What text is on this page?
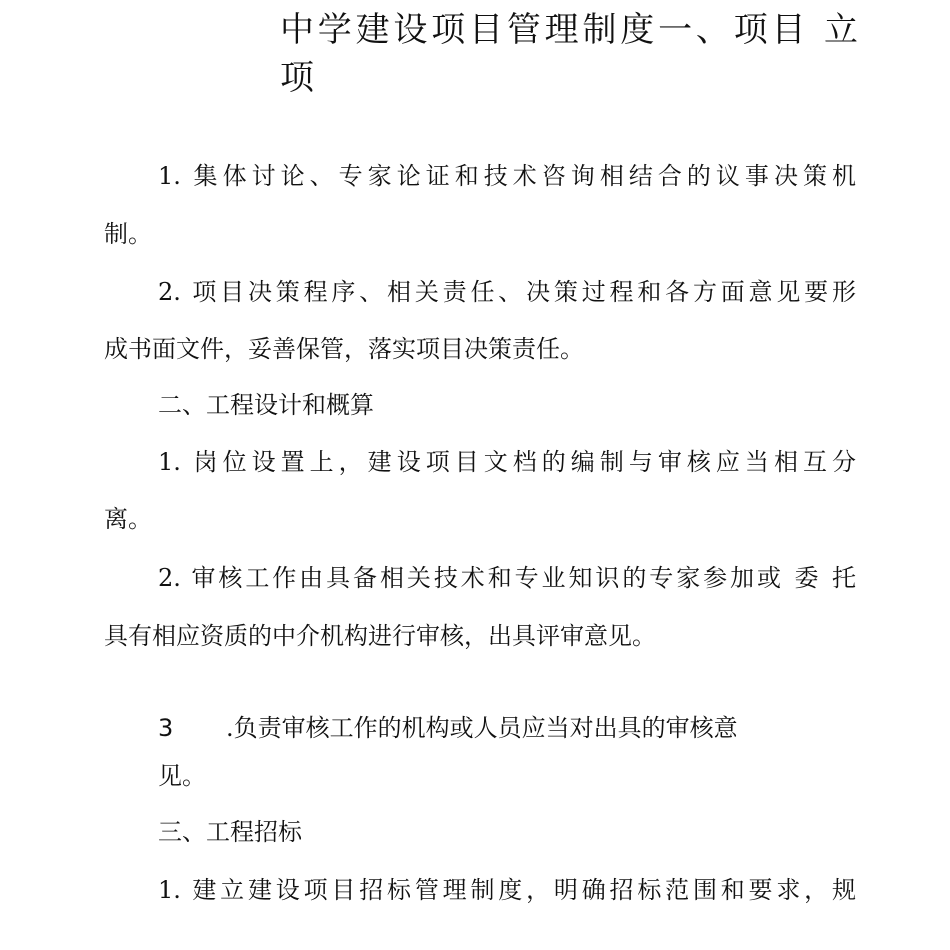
中学建设项目管理制度一、项目 立项

1. 集体讨论、专家论证和技术咨询相结合的议事决策机

制。

2. 项目决策程序、相关责任、决策过程和各方面意见要形

成书面文件，妥善保管，落实项目决策责任。

二、工程设计和概算

1. 岗位设置上，建设项目文档的编制与审核应当相互分

离。

2. 审核工作由具备相关技术和专业知识的专家参加或 委 托

具有相应资质的中介机构进行审核，出具评审意见。

3 .负责审核工作的机构或人员应当对出具的审核意

见。

三、工程招标

1. 建立建设项目招标管理制度，明确招标范围和要求，规
